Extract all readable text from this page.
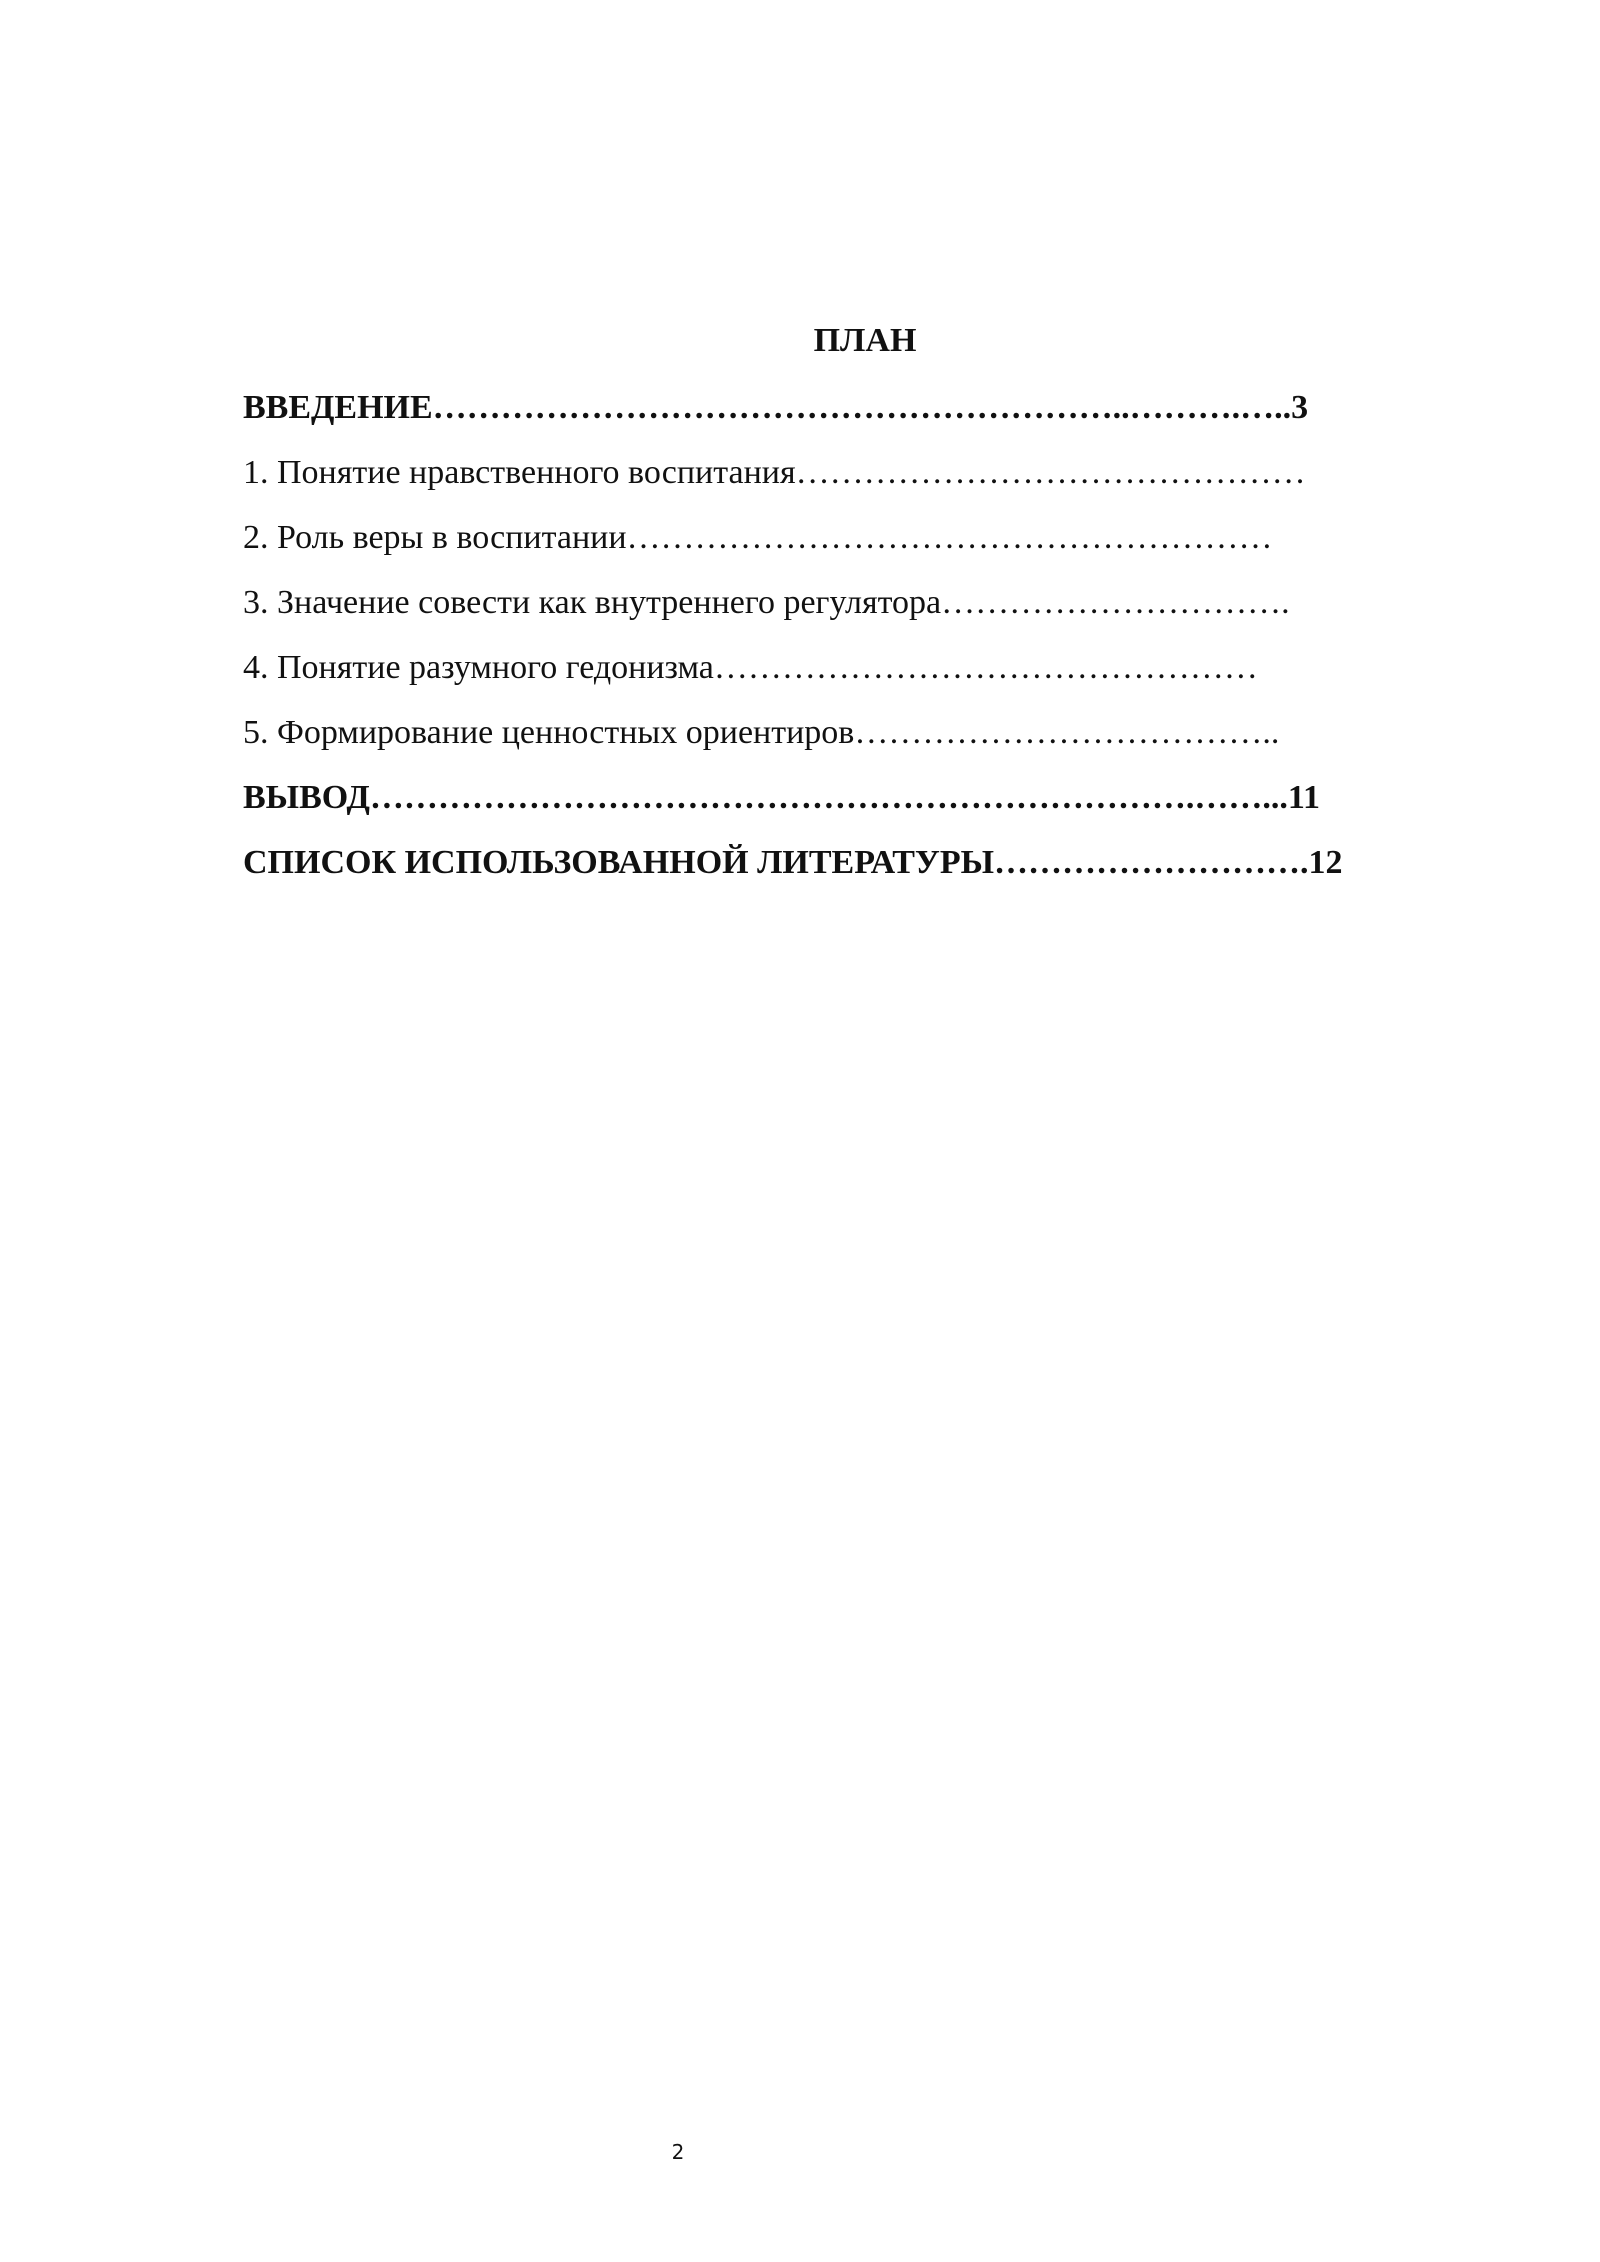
ПЛАН
ВВЕДЕНИЕ……………………………………………………..……….…..3
1. Понятие нравственного воспитания………………………………………
2. Роль веры в воспитании…………………………………………………
3. Значение совести как внутреннего регулятора………………………….
4. Понятие разумного гедонизма…………………………………………
5. Формирование ценностных ориентиров………………………………..
ВЫВОД……………………………………………………………….……...11
СПИСОК ИСПОЛЬЗОВАННОЙ ЛИТЕРАТУРЫ……………………….12
2
